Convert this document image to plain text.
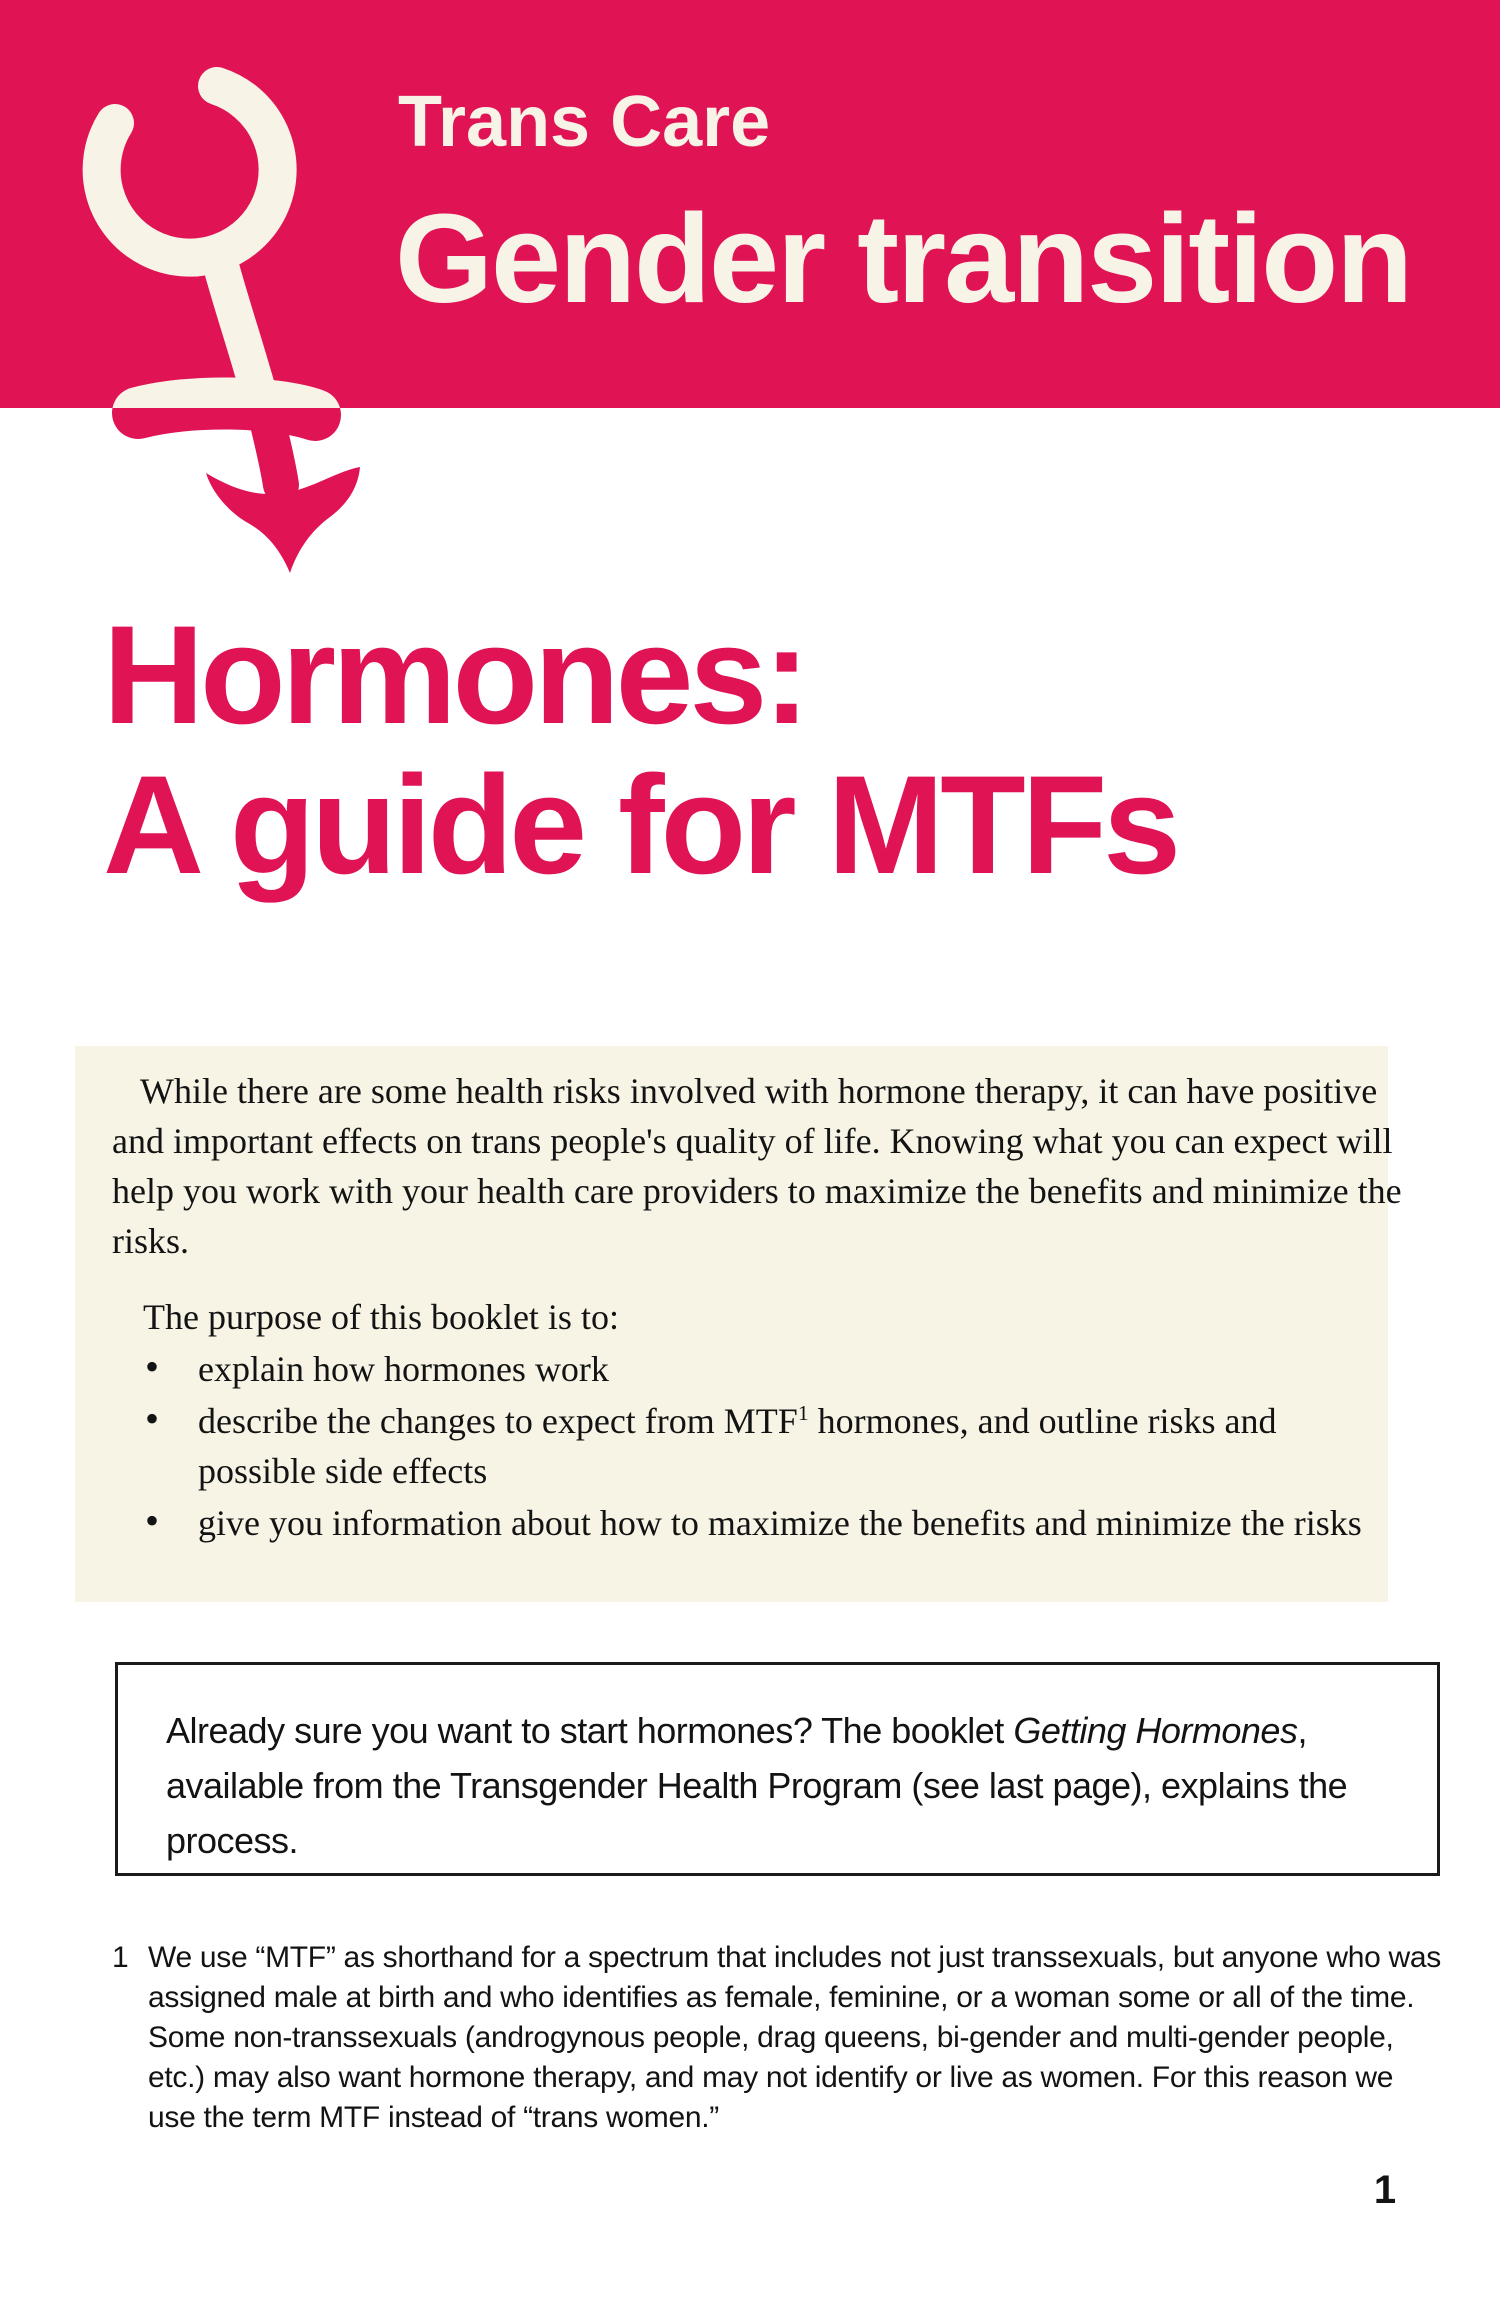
Trans Care
Gender transition
Hormones:
A guide for MTFs

While there are some health risks involved with hormone therapy, it can have positive and important effects on trans people's quality of life. Knowing what you can expect will help you work with your health care providers to maximize the benefits and minimize the risks.

The purpose of this booklet is to:

• explain how hormones work
• describe the changes to expect from MTF$^1$ hormones, and outline risks and possible side effects
• give you information about how to maximize the benefits and minimize the risks
Already sure you want to start hormones? The booklet Getting Hormones, available from the Transgender Health Program (see last page), explains the process.
1 We use “MTF” as shorthand for a spectrum that includes not just transsexuals, but anyone who was assigned male at birth and who identifies as female, feminine, or a woman some or all of the time. Some non-transsexuals (androgynous people, drag queens, bi-gender and multi-gender people, etc.) may also want hormone therapy, and may not identify or live as women. For this reason we use the term MTF instead of “trans women.”
1
